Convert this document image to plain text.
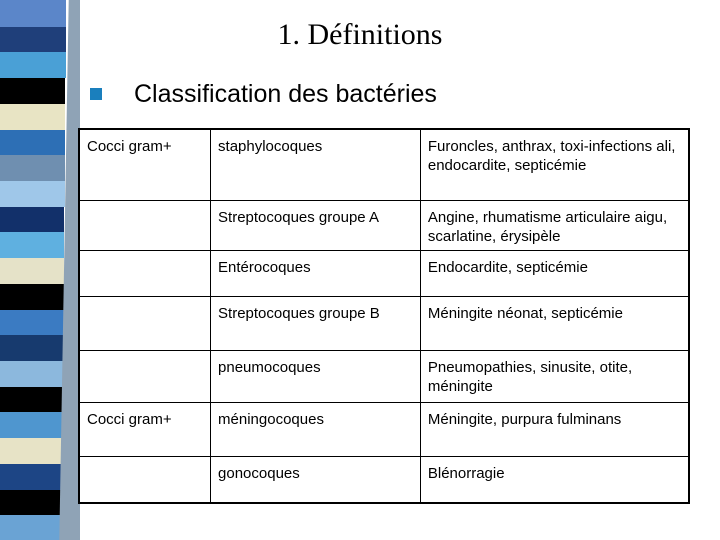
1. Définitions
Classification des bactéries
Cocci gram+	staphylocoques	Furoncles, anthrax, toxi-infections ali, endocardite, septicémie
	Streptocoques groupe A	Angine, rhumatisme articulaire aigu, scarlatine, érysipèle
	Entérocoques	Endocardite, septicémie
	Streptocoques groupe B	Méningite néonat, septicémie
	pneumocoques	Pneumopathies, sinusite, otite, méningite
Cocci gram+	méningocoques	Méningite, purpura fulminans
	gonocoques	Blénorragie
